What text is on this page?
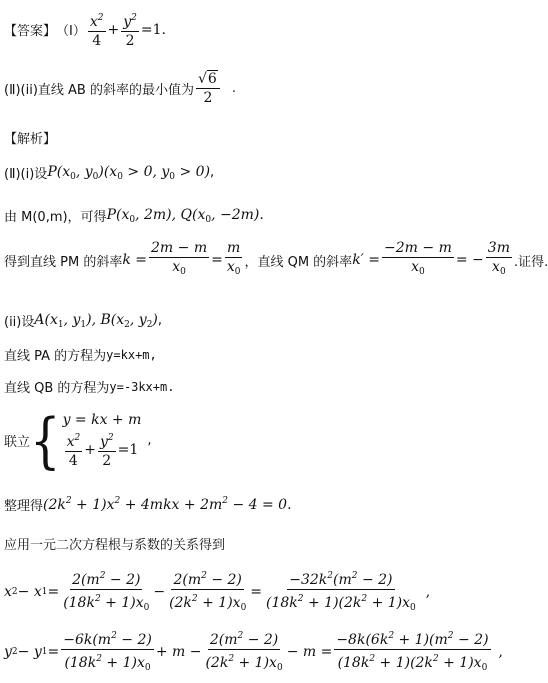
【答案】 （Ⅰ） $\frac{x^2}{4} + \frac{y^2}{2} =1$.
(Ⅱ)(ii)直线 AB 的斜率的最小值为 $\frac{√ 6}{2}$ .
【解析】
(Ⅱ)(i)设 $P(x_0$, $y_0)(x_0 > 0$, $y_0 > 0$) ,
由 M(0,m)，可得 $P(x_0$, 2m), $Q(x_0$, −2m).
得到直线 PM 的斜率 $k = \frac{2m - m}{x_0} = \frac{m}{x_0}$ ，直线 QM 的斜率 $k' = \frac{-2m - m}{x_0}$ = − $\frac{3m}{x_0}$ .证得.
(ii)设 $A(x_1$, $y_1$), $B(x_2$, $y_2$) ,
直线 PA 的方程为 y=kx+m,
直线 QB 的方程为 y=-3kx+m.
联立 { y = kx + m
$\frac{x^2}{4} + \frac{y^2}{2} =1$
,
整理得 $(2k^2 + 1)x^2 + 4mkx + 2m^2 - 4 = 0$.
应用一元二次方程根与系数的关系得到
x 2 − x $1 = \frac{2(m^2 - 2)}{(18k^2 + 1)x_0} - \frac{2(m^2 - 2)}{(2k^2 + 1)x_0} = \frac{-32k^2(m^2 - 2)}{(18k^2 + 1)(2k^2 + 1)x_0}$ ,
y 2 − y $1 = \frac{-6k(m^2 - 2)}{(18k^2 + 1)x_0} + m - \frac{2(m^2 - 2)}{(2k^2 + 1)x_0} - m = \frac{-8k(6k^2 + 1)(m^2 - 2)}{(18k^2 + 1)(2k^2 + 1)x_0}$ ,
